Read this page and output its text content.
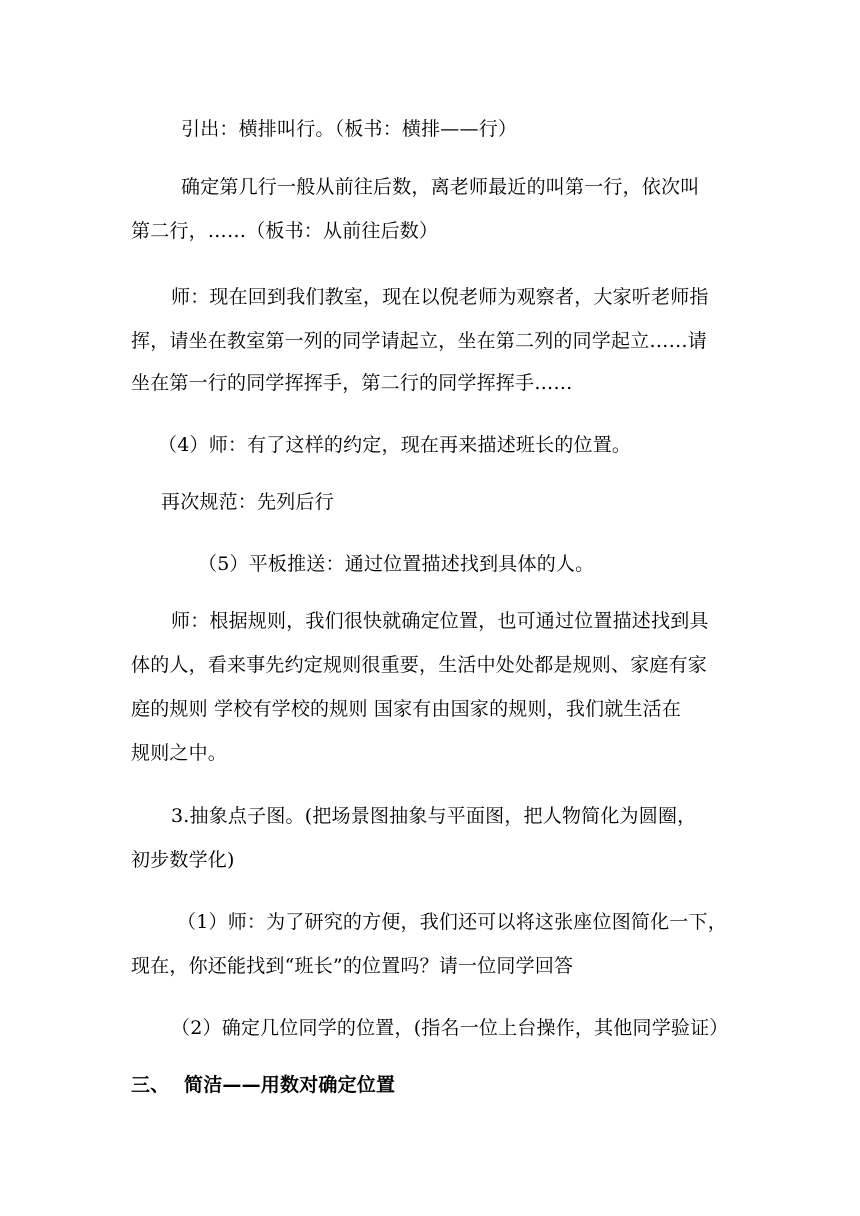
引出：横排叫行。（板书：横排——行）
确定第几行一般从前往后数，离老师最近的叫第一行，依次叫
第二行，……（板书：从前往后数）
师：现在回到我们教室，现在以倪老师为观察者，大家听老师指
挥，请坐在教室第一列的同学请起立，坐在第二列的同学起立……请
坐在第一行的同学挥挥手，第二行的同学挥挥手……
（4）师：有了这样的约定，现在再来描述班长的位置。
再次规范：先列后行
（5）平板推送：通过位置描述找到具体的人。
师：根据规则，我们很快就确定位置，也可通过位置描述找到具
体的人，看来事先约定规则很重要，生活中处处都是规则、家庭有家
庭的规则 学校有学校的规则 国家有由国家的规则，我们就生活在
规则之中。
3.抽象点子图。(把场景图抽象与平面图，把人物简化为圆圈，
初步数学化)
（1）师：为了研究的方便，我们还可以将这张座位图简化一下，
现在，你还能找到“班长”的位置吗？请一位同学回答
（2）确定几位同学的位置，(指名一位上台操作，其他同学验证）
三、 简洁——用数对确定位置
